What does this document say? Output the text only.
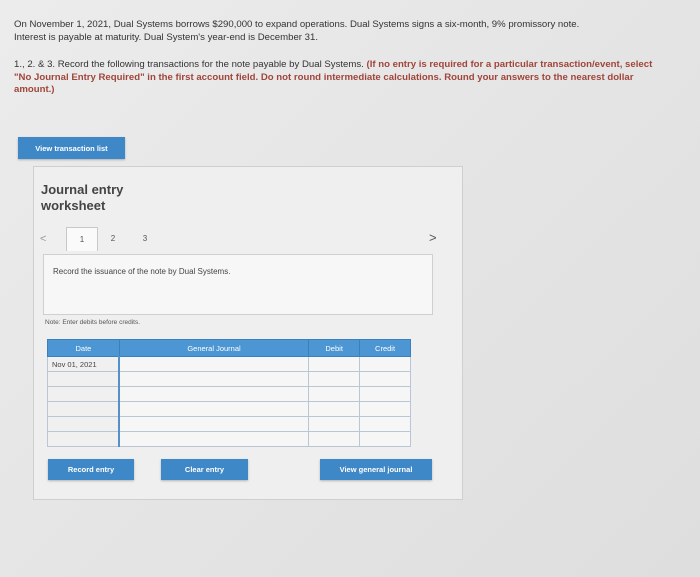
On November 1, 2021, Dual Systems borrows $290,000 to expand operations. Dual Systems signs a six-month, 9% promissory note.
Interest is payable at maturity. Dual System's year-end is December 31.
1., 2. & 3. Record the following transactions for the note payable by Dual Systems. (If no entry is required for a particular transaction/event, select "No Journal Entry Required" in the first account field. Do not round intermediate calculations. Round your answers to the nearest dollar amount.)
View transaction list
Journal entry
worksheet
<	1	2	3	>
Record the issuance of the note by Dual Systems.
Note: Enter debits before credits.
Date	General Journal	Debit	Credit
Nov 01, 2021			

Record entry	Clear entry	View general journal
